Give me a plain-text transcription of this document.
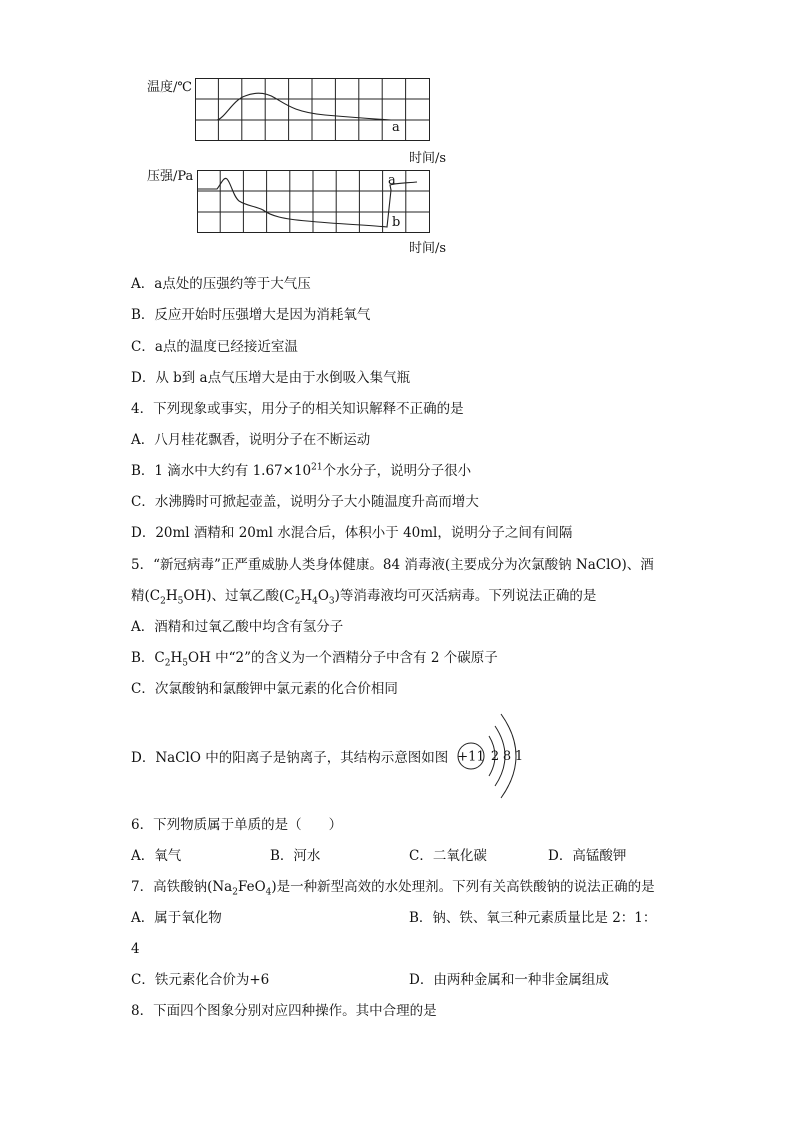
温度/℃
a
时间/s
压强/Pa	a
b
时间/s
A．a点处的压强约等于大气压
B．反应开始时压强增大是因为消耗氧气
C．a点的温度已经接近室温
D．从 b到 a点气压增大是由于水倒吸入集气瓶
4．下列现象或事实，用分子的相关知识解释不正确的是
A．八月桂花飘香，说明分子在不断运动
B．1 滴水中大约有 $1.67\times 10^{21}$个水分子，说明分子很小
C．水沸腾时可掀起壶盖，说明分子大小随温度升高而增大
D．20ml 酒精和 20ml 水混合后，体积小于 40ml，说明分子之间有间隔
5．“新冠病毒”正严重威胁人类身体健康。84 消毒液(主要成分为次氯酸钠 NaClO)、酒
精$(C_2H_5OH)$、过氧乙酸$(C_2H_4O_3)$等消毒液均可灭活病毒。下列说法正确的是
A．酒精和过氧乙酸中均含有氢分子
B．$C_2H_5OH$ 中“2”的含义为一个酒精分子中含有 2 个碳原子
C．次氯酸钠和氯酸钾中氯元素的化合价相同
D．NaClO 中的阳离子是钠离子，其结构示意图如图 +11 2 8 1
6．下列物质属于单质的是（　　）
A．氧气	B．河水	C．二氧化碳	D．高锰酸钾
7．高铁酸钠$(Na_2FeO_4)$是一种新型高效的水处理剂。下列有关高铁酸钠的说法正确的是
A．属于氧化物	B．钠、铁、氧三种元素质量比是 2：1：
4
C．铁元素化合价为+6	D．由两种金属和一种非金属组成
8．下面四个图象分别对应四种操作。其中合理的是
